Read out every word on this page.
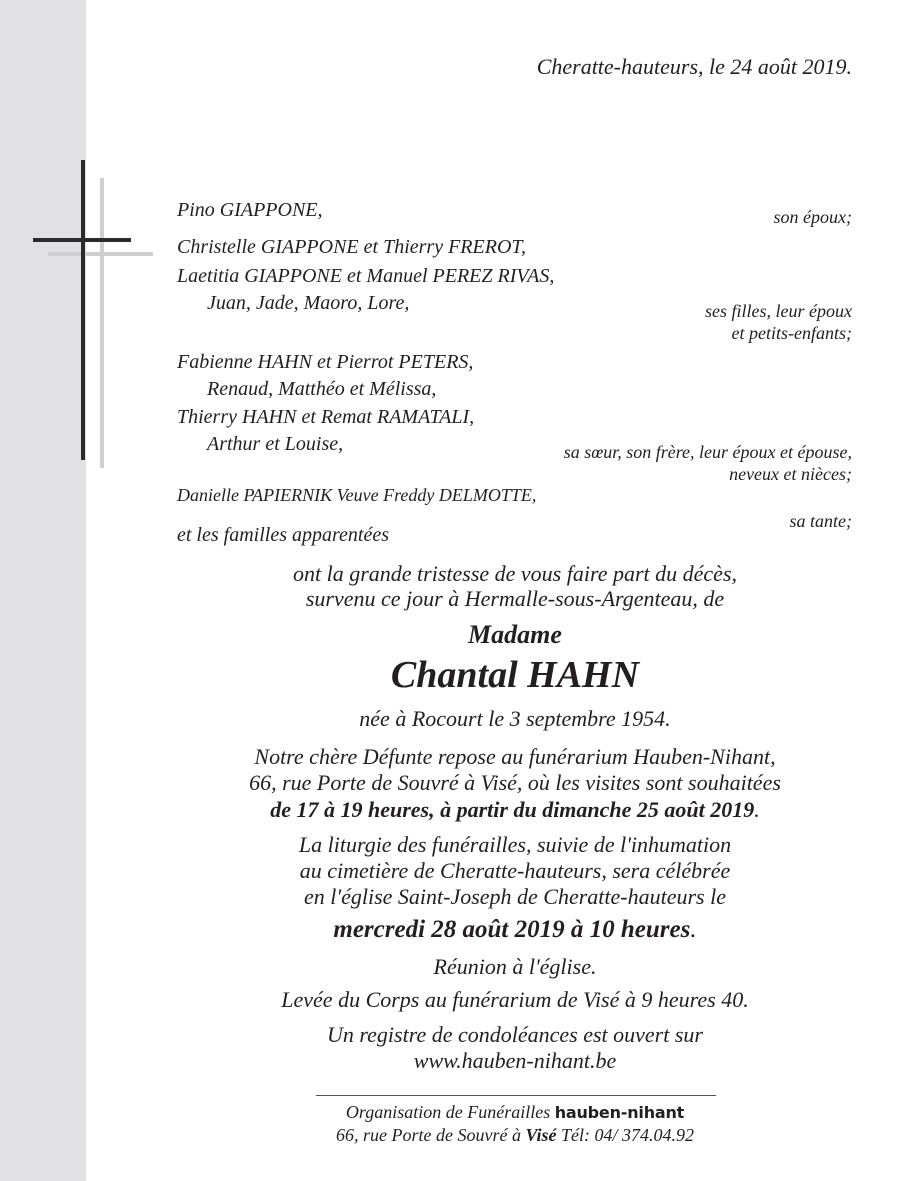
Cheratte-hauteurs, le 24 août 2019.
Pino GIAPPONE,	son époux;
Christelle GIAPPONE et Thierry FREROT,
Laetitia GIAPPONE et Manuel PEREZ RIVAS,
Juan, Jade, Maoro, Lore,	ses filles, leur époux
et petits-enfants;
Fabienne HAHN et Pierrot PETERS,
Renaud, Matthéo et Mélissa,
Thierry HAHN et Remat RAMATALI,
Arthur et Louise,	sa sœur, son frère, leur époux et épouse,
neveux et nièces;
Danielle PAPIERNIK Veuve Freddy DELMOTTE,
sa tante;
et les familles apparentées
ont la grande tristesse de vous faire part du décès,
survenu ce jour à Hermalle-sous-Argenteau, de
Madame
Chantal HAHN
née à Rocourt le 3 septembre 1954.
Notre chère Défunte repose au funérarium Hauben-Nihant,
66, rue Porte de Souvré à Visé, où les visites sont souhaitées
de 17 à 19 heures, à partir du dimanche 25 août 2019.
La liturgie des funérailles, suivie de l'inhumation
au cimetière de Cheratte-hauteurs, sera célébrée
en l'église Saint-Joseph de Cheratte-hauteurs le
mercredi 28 août 2019 à 10 heures.
Réunion à l'église.
Levée du Corps au funérarium de Visé à 9 heures 40.
Un registre de condoléances est ouvert sur
www.hauben-nihant.be
Organisation de Funérailles hauben-nihant
66, rue Porte de Souvré à Visé Tél: 04/ 374.04.92
